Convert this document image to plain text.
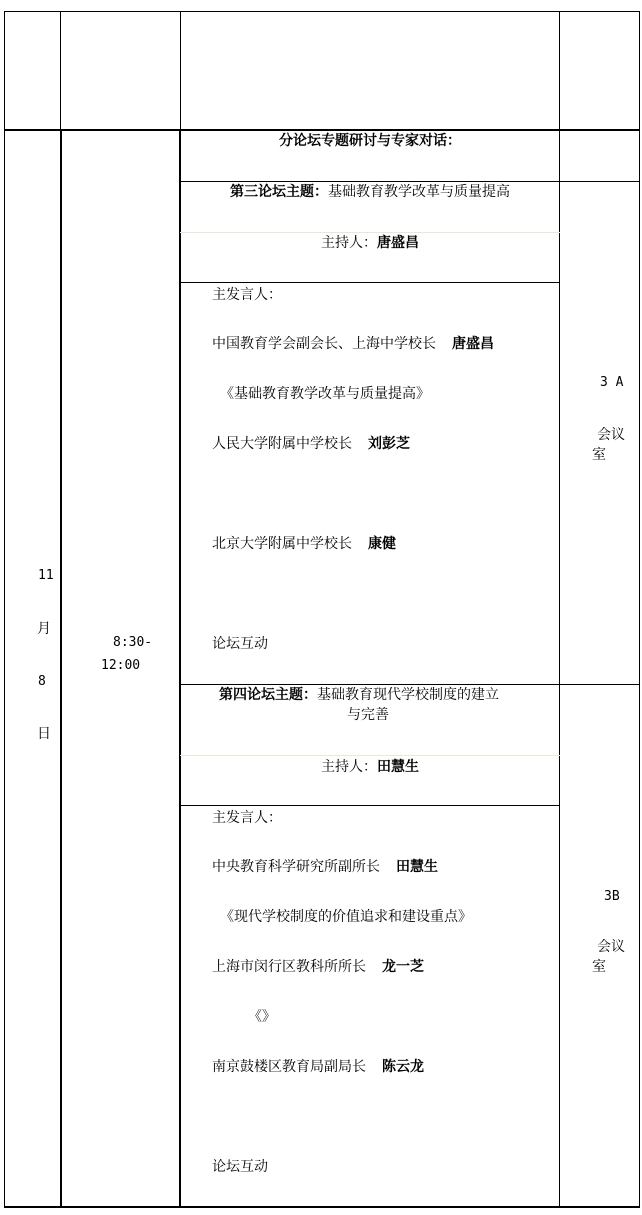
11
月
8
日
8:30-
12:00
分论坛专题研讨与专家对话：
第三论坛主题：基础教育教学改革与质量提高
主持人：唐盛昌
主发言人：
中国教育学会副会长、上海中学校长 唐盛昌
《基础教育教学改革与质量提高》
人民大学附属中学校长 刘彭芝
北京大学附属中学校长 康健
论坛互动
3 A
会议
室
第四论坛主题：基础教育现代学校制度的建立
与完善
主持人：田慧生
主发言人：
中央教育科学研究所副所长 田慧生
《现代学校制度的价值追求和建设重点》
上海市闵行区教科所所长 龙一芝
《》
南京鼓楼区教育局副局长 陈云龙
论坛互动
3B
会议
室
